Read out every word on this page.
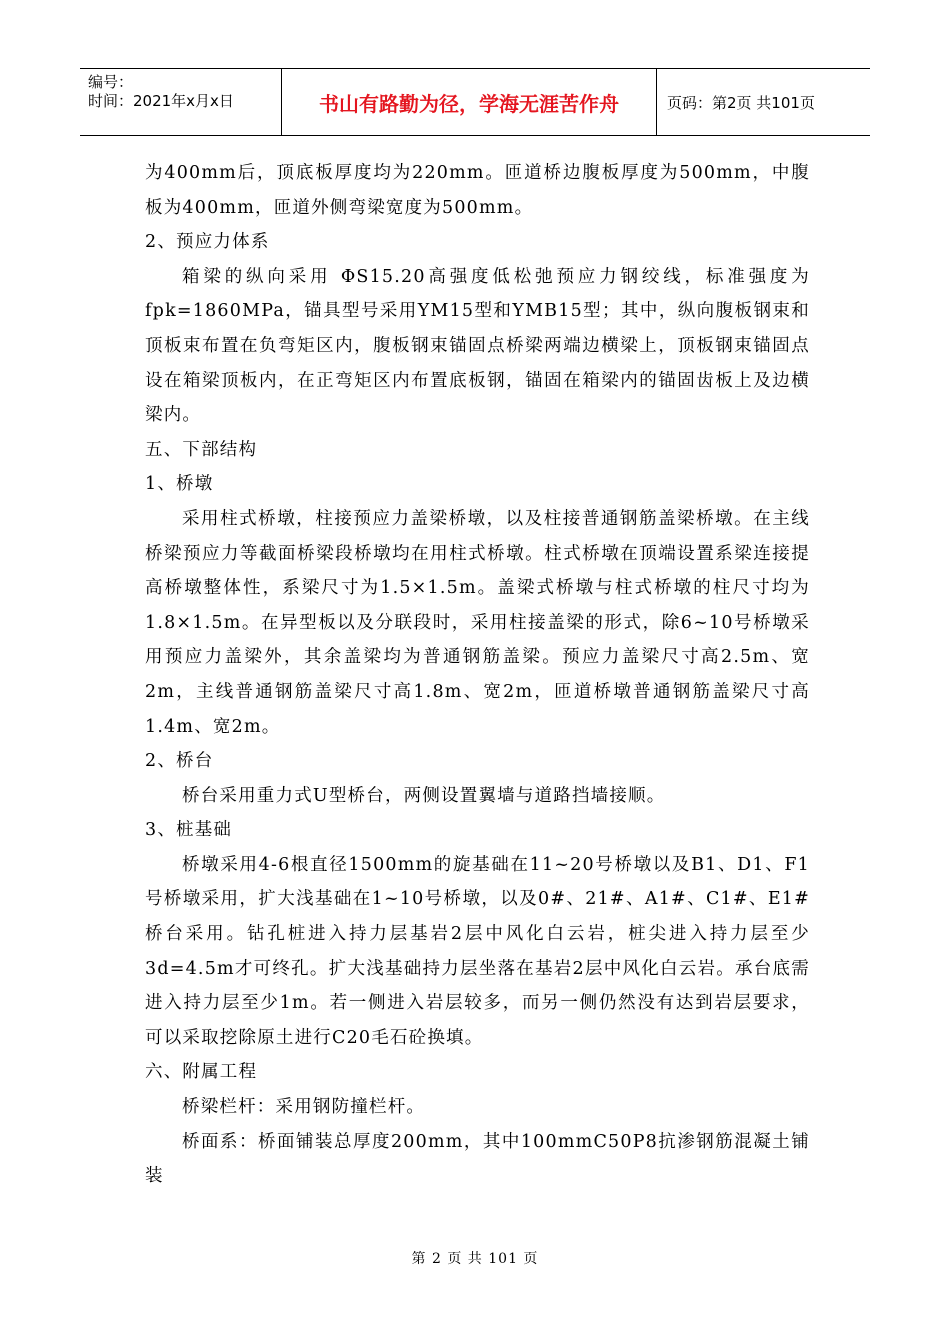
编号：
时间：2021年x月x日	书山有路勤为径，学海无涯苦作舟	页码：第2页 共101页

为400mm后，顶底板厚度均为220mm。匝道桥边腹板厚度为500mm，中腹板为400mm，匝道外侧弯梁宽度为500mm。

2、预应力体系

箱梁的纵向采用 ΦS15.20高强度低松弛预应力钢绞线，标准强度为fpk=1860MPa，锚具型号采用YM15型和YMB15型；其中，纵向腹板钢束和顶板束布置在负弯矩区内，腹板钢束锚固点桥梁两端边横梁上，顶板钢束锚固点设在箱梁顶板内，在正弯矩区内布置底板钢，锚固在箱梁内的锚固齿板上及边横梁内。

五、下部结构

1、桥墩

采用柱式桥墩，柱接预应力盖梁桥墩，以及柱接普通钢筋盖梁桥墩。在主线桥梁预应力等截面桥梁段桥墩均在用柱式桥墩。柱式桥墩在顶端设置系梁连接提高桥墩整体性，系梁尺寸为1.5×1.5m。盖梁式桥墩与柱式桥墩的柱尺寸均为1.8×1.5m。在异型板以及分联段时，采用柱接盖梁的形式，除6~10号桥墩采用预应力盖梁外，其余盖梁均为普通钢筋盖梁。预应力盖梁尺寸高2.5m、宽2m，主线普通钢筋盖梁尺寸高1.8m、宽2m，匝道桥墩普通钢筋盖梁尺寸高1.4m、宽2m。

2、桥台

桥台采用重力式U型桥台，两侧设置翼墙与道路挡墙接顺。

3、桩基础

桥墩采用4-6根直径1500mm的旋基础在11~20号桥墩以及B1、D1、F1号桥墩采用，扩大浅基础在1~10号桥墩，以及0#、21#、A1#、C1#、E1#桥台采用。钻孔桩进入持力层基岩2层中风化白云岩，桩尖进入持力层至少3d=4.5m才可终孔。扩大浅基础持力层坐落在基岩2层中风化白云岩。承台底需进入持力层至少1m。若一侧进入岩层较多，而另一侧仍然没有达到岩层要求，可以采取挖除原土进行C20毛石砼换填。

六、附属工程

桥梁栏杆：采用钢防撞栏杆。

桥面系：桥面铺装总厚度200mm，其中100mmC50P8抗渗钢筋混凝土铺装

第 2 页 共 101 页
